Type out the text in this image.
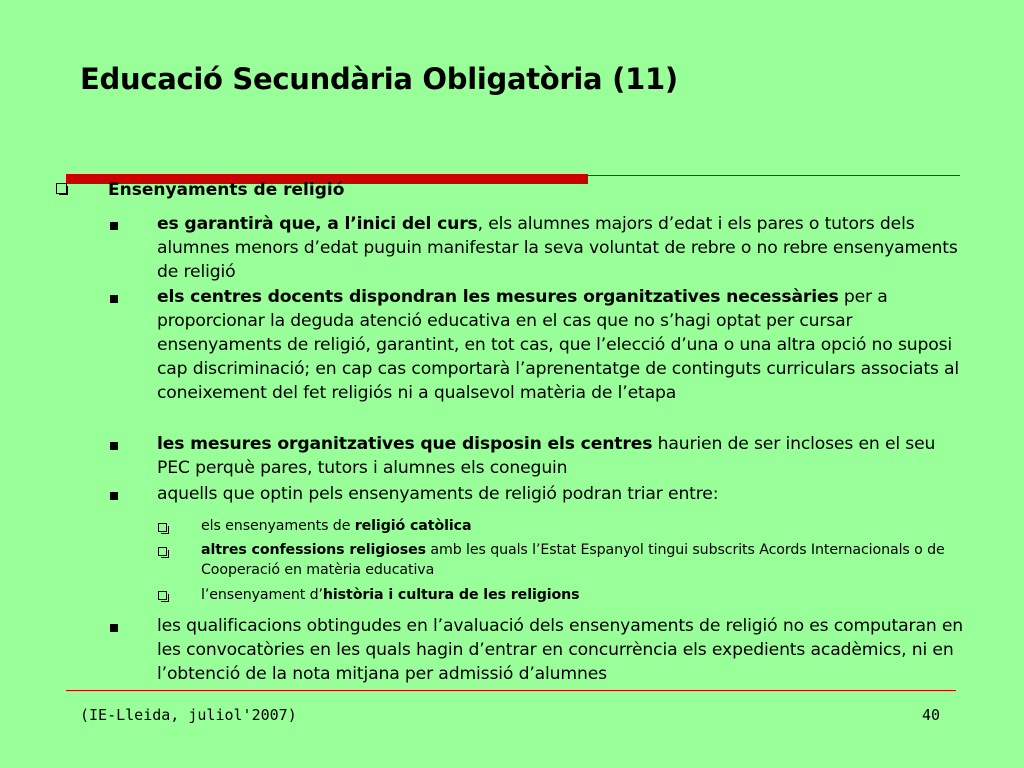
Educació Secundària Obligatòria (11)
Ensenyaments de religió
es garantirà que, a l’inici del curs, els alumnes majors d’edat i els pares o tutors dels alumnes menors d’edat puguin manifestar la seva voluntat de rebre o no rebre ensenyaments de religió
els centres docents dispondran les mesures organitzatives necessàries per a proporcionar la deguda atenció educativa en el cas que no s’hagi optat per cursar ensenyaments de religió, garantint, en tot cas, que l’elecció d’una o una altra opció no suposi cap discriminació; en cap cas comportarà l’aprenentatge de continguts curriculars associats al coneixement del fet religiós ni a qualsevol matèria de l’etapa
les mesures organitzatives que disposin els centres haurien de ser incloses en el seu PEC perquè pares, tutors i alumnes els coneguin
aquells que optin pels ensenyaments de religió podran triar entre:
els ensenyaments de religió catòlica
altres confessions religioses amb les quals l’Estat Espanyol tingui subscrits Acords Internacionals o de Cooperació en matèria educativa
l’ensenyament d’història i cultura de les religions
les qualificacions obtingudes en l’avaluació dels ensenyaments de religió no es computaran en les convocatòries en les quals hagin d’entrar en concurrència els expedients acadèmics, ni en l’obtenció de la nota mitjana per admissió d’alumnes
(IE-Lleida, juliol'2007)	40
